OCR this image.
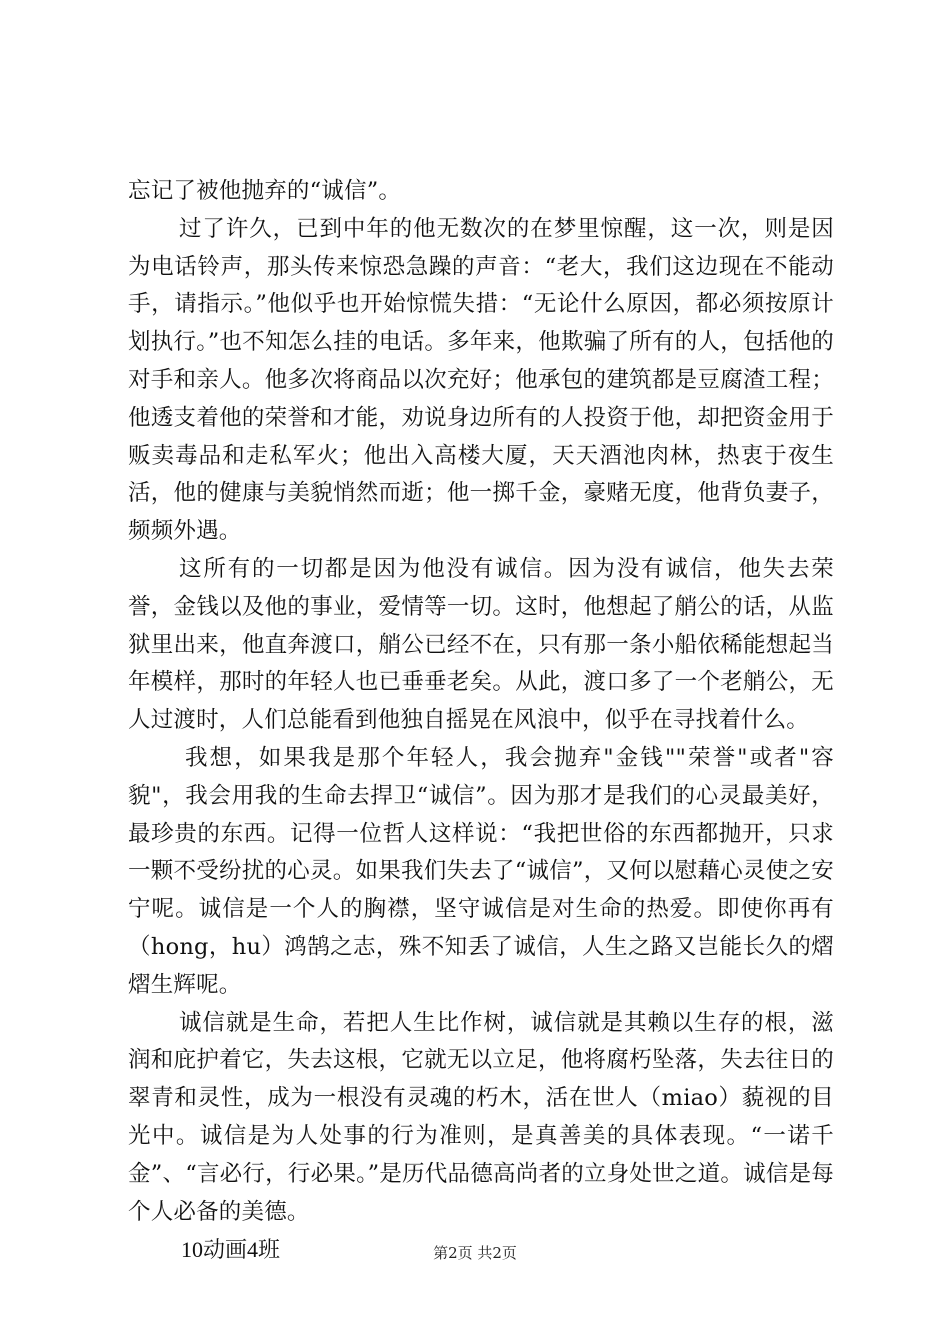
忘记了被他抛弃的“诚信”。

过了许久，已到中年的他无数次的在梦里惊醒，这一次，则是因为电话铃声，那头传来惊恐急躁的声音：“老大，我们这边现在不能动手，请指示。”他似乎也开始惊慌失措：“无论什么原因，都必须按原计划执行。”也不知怎么挂的电话。多年来，他欺骗了所有的人，包括他的对手和亲人。他多次将商品以次充好；他承包的建筑都是豆腐渣工程；他透支着他的荣誉和才能，劝说身边所有的人投资于他，却把资金用于贩卖毒品和走私军火；他出入高楼大厦，天天酒池肉林，热衷于夜生活，他的健康与美貌悄然而逝；他一掷千金，豪赌无度，他背负妻子，频频外遇。

这所有的一切都是因为他没有诚信。因为没有诚信，他失去荣誉，金钱以及他的事业，爱情等一切。这时，他想起了艄公的话，从监狱里出来，他直奔渡口，艄公已经不在，只有那一条小船依稀能想起当年模样，那时的年轻人也已垂垂老矣。从此，渡口多了一个老艄公，无人过渡时，人们总能看到他独自摇晃在风浪中，似乎在寻找着什么。

我想，如果我是那个年轻人，我会抛弃"金钱""荣誉"或者"容貌"，我会用我的生命去捍卫“诚信”。因为那才是我们的心灵最美好，最珍贵的东西。记得一位哲人这样说：“我把世俗的东西都抛开，只求一颗不受纷扰的心灵。如果我们失去了“诚信”，又何以慰藉心灵使之安宁呢。诚信是一个人的胸襟，坚守诚信是对生命的热爱。即使你再有（hong，hu）鸿鹄之志，殊不知丢了诚信，人生之路又岂能长久的熠熠生辉呢。

诚信就是生命，若把人生比作树，诚信就是其赖以生存的根，滋润和庇护着它，失去这根，它就无以立足，他将腐朽坠落，失去往日的翠青和灵性，成为一根没有灵魂的朽木，活在世人（miao）藐视的目光中。诚信是为人处事的行为准则，是真善美的具体表现。“一诺千金”、“言必行，行必果。”是历代品德高尚者的立身处世之道。诚信是每个人必备的美德。

10动画4班	第2页 共2页
